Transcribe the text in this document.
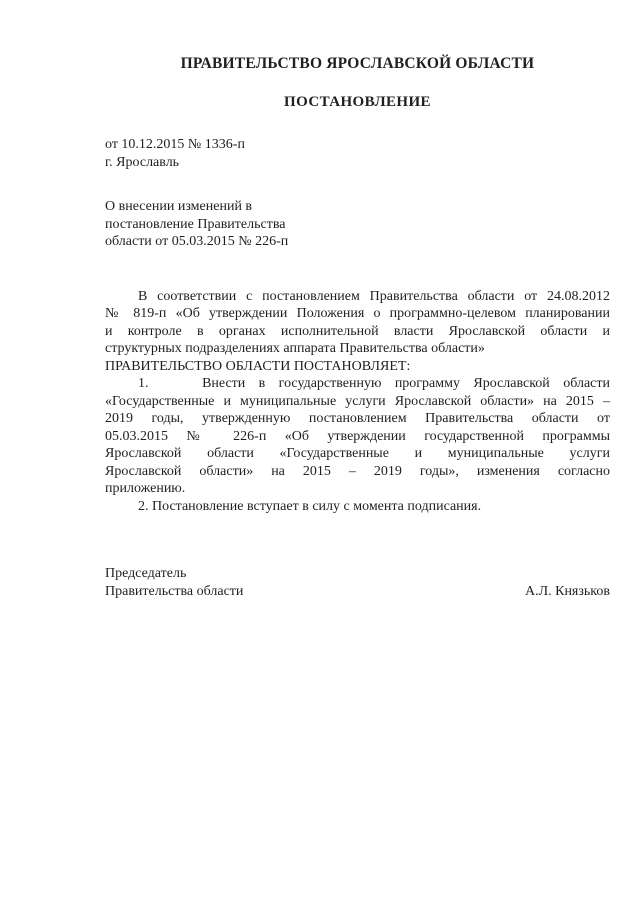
ПРАВИТЕЛЬСТВО ЯРОСЛАВСКОЙ ОБЛАСТИ
ПОСТАНОВЛЕНИЕ
от 10.12.2015 № 1336-п
г. Ярославль
О внесении изменений в
постановление Правительства
области от 05.03.2015 № 226-п
В соответствии с постановлением Правительства области от 24.08.2012
№ 819-п «Об утверждении Положения о программно-целевом планировании
и контроле в органах исполнительной власти Ярославской области и
структурных подразделениях аппарата Правительства области»
ПРАВИТЕЛЬСТВО ОБЛАСТИ ПОСТАНОВЛЯЕТ:
1.    Внести в государственную программу Ярославской области
«Государственные и муниципальные услуги Ярославской области» на 2015 –
2019 годы, утвержденную постановлением Правительства области от
05.03.2015 № 226-п «Об утверждении государственной программы
Ярославской области «Государственные и муниципальные услуги
Ярославской области» на 2015 – 2019 годы», изменения согласно
приложению.
2. Постановление вступает в силу с момента подписания.
Председатель
Правительства области	А.Л. Князьков
